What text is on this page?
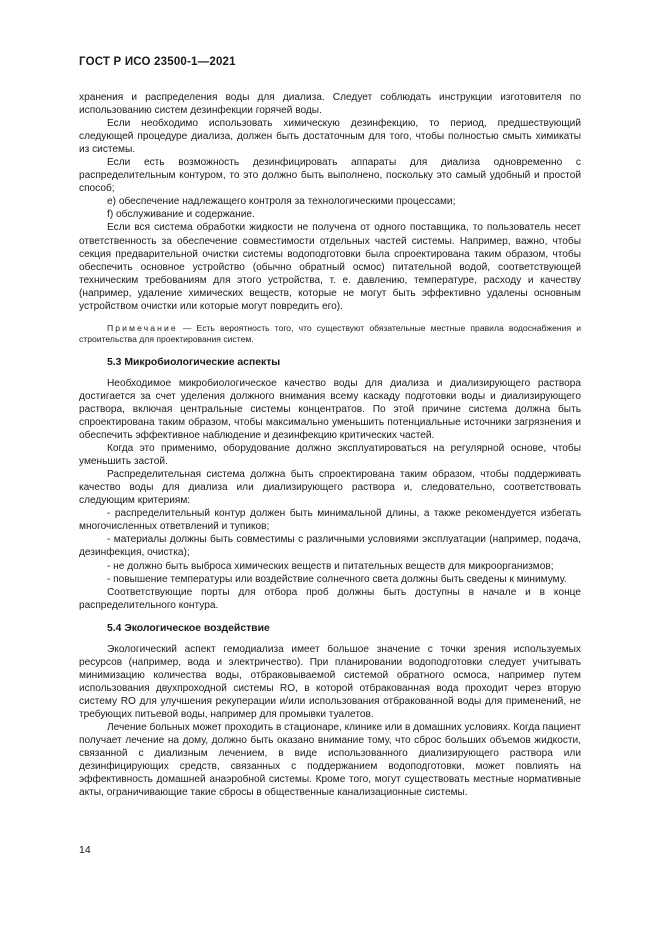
ГОСТ Р ИСО 23500-1—2021

хранения и распределения воды для диализа. Следует соблюдать инструкции изготовителя по использованию систем дезинфекции горячей воды.

Если необходимо использовать химическую дезинфекцию, то период, предшествующий следующей процедуре диализа, должен быть достаточным для того, чтобы полностью смыть химикаты из системы.

Если есть возможность дезинфицировать аппараты для диализа одновременно с распределительным контуром, то это должно быть выполнено, поскольку это самый удобный и простой способ;

e) обеспечение надлежащего контроля за технологическими процессами;

f) обслуживание и содержание.

Если вся система обработки жидкости не получена от одного поставщика, то пользователь несет ответственность за обеспечение совместимости отдельных частей системы. Например, важно, чтобы секция предварительной очистки системы водоподготовки была спроектирована таким образом, чтобы обеспечить основное устройство (обычно обратный осмос) питательной водой, соответствующей техническим требованиям для этого устройства, т. е. давлению, температуре, расходу и качеству (например, удаление химических веществ, которые не могут быть эффективно удалены основным устройством очистки или которые могут повредить его).

Примечание — Есть вероятность того, что существуют обязательные местные правила водоснабжения и строительства для проектирования систем.

5.3 Микробиологические аспекты

Необходимое микробиологическое качество воды для диализа и диализирующего раствора достигается за счет уделения должного внимания всему каскаду подготовки воды и диализирующего раствора, включая центральные системы концентратов. По этой причине система должна быть спроектирована таким образом, чтобы максимально уменьшить потенциальные источники загрязнения и обеспечить эффективное наблюдение и дезинфекцию критических частей.

Когда это применимо, оборудование должно эксплуатироваться на регулярной основе, чтобы уменьшить застой.

Распределительная система должна быть спроектирована таким образом, чтобы поддерживать качество воды для диализа или диализирующего раствора и, следовательно, соответствовать следующим критериям:

- распределительный контур должен быть минимальной длины, а также рекомендуется избегать многочисленных ответвлений и тупиков;

- материалы должны быть совместимы с различными условиями эксплуатации (например, подача, дезинфекция, очистка);

- не должно быть выброса химических веществ и питательных веществ для микроорганизмов;

- повышение температуры или воздействие солнечного света должны быть сведены к минимуму.

Соответствующие порты для отбора проб должны быть доступны в начале и в конце распределительного контура.

5.4 Экологическое воздействие

Экологический аспект гемодиализа имеет большое значение с точки зрения используемых ресурсов (например, вода и электричество). При планировании водоподготовки следует учитывать минимизацию количества воды, отбраковываемой системой обратного осмоса, например путем использования двухпроходной системы RO, в которой отбракованная вода проходит через вторую систему RO для улучшения рекуперации и/или использования отбракованной воды для применений, не требующих питьевой воды, например для промывки туалетов.

Лечение больных может проходить в стационаре, клинике или в домашних условиях. Когда пациент получает лечение на дому, должно быть оказано внимание тому, что сброс больших объемов жидкости, связанной с диализным лечением, в виде использованного диализирующего раствора или дезинфицирующих средств, связанных с поддержанием водоподготовки, может повлиять на эффективность домашней анаэробной системы. Кроме того, могут существовать местные нормативные акты, ограничивающие такие сбросы в общественные канализационные системы.

14
